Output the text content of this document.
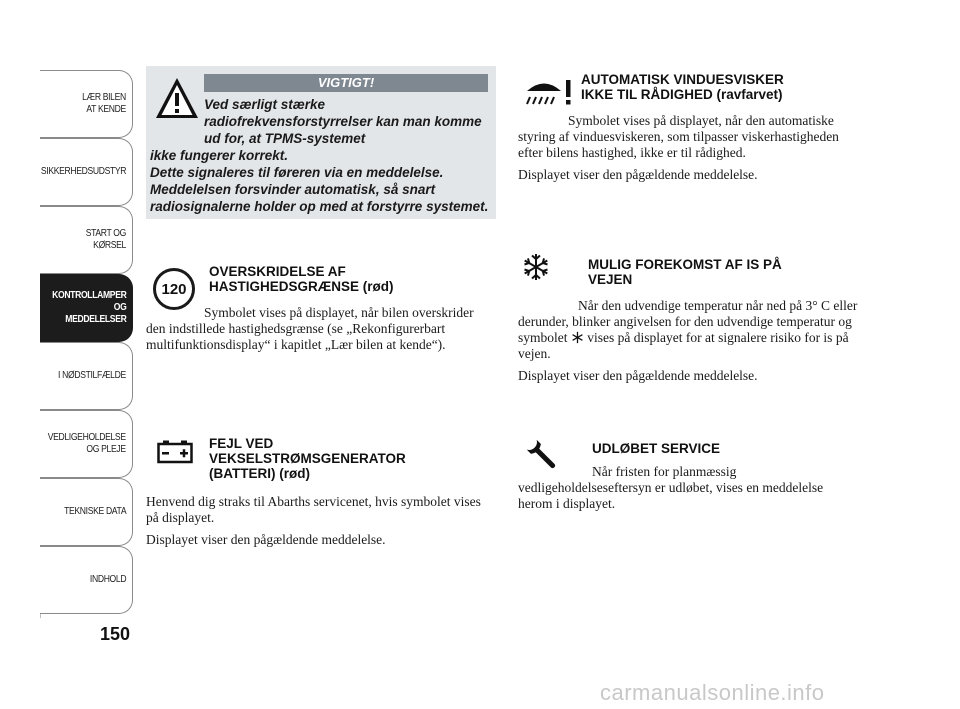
LÆR BILEN
AT KENDE
SIKKERHEDSUDSTYR
START OG KØRSEL
KONTROLLAMPER
OG MEDDELELSER
I NØDSTILFÆLDE
VEDLIGEHOLDELSE
OG PLEJE
TEKNISKE DATA
INDHOLD
150
VIGTIGT!
Ved særligt stærke radiofrekvensforstyrrelser kan man komme ud for, at TPMS-systemet
ikke fungerer korrekt.
Dette signaleres til føreren via en meddelelse. Meddelelsen forsvinder automatisk, så snart radiosignalerne holder op med at forstyrre systemet.
120
OVERSKRIDELSE AF
HASTIGHEDSGRÆNSE (rød)
Symbolet vises på displayet, når bilen overskrider den indstillede hastighedsgrænse (se „Rekonfigurerbart multifunktionsdisplay“ i kapitlet „Lær bilen at kende“).
FEJL VED
VEKSELSTRØMSGENERATOR
(BATTERI) (rød)
Henvend dig straks til Abarths servicenet, hvis symbolet vises på displayet.
Displayet viser den pågældende meddelelse.
AUTOMATISK VINDUESVISKER
IKKE TIL RÅDIGHED (ravfarvet)
Symbolet vises på displayet, når den automatiske styring af vinduesviskeren, som tilpasser viskerhastigheden efter bilens hastighed, ikke er til rådighed.
Displayet viser den pågældende meddelelse.
MULIG FOREKOMST AF IS PÅ
VEJEN
Når den udvendige temperatur når ned på 3° C eller derunder, blinker angivelsen for den udvendige temperatur og symbolet vises på displayet for at signalere risiko for is på vejen.
Displayet viser den pågældende meddelelse.
UDLØBET SERVICE
Når fristen for planmæssig vedligeholdelseseftersyn er udløbet, vises en meddelelse herom i displayet.
carmanualsonline.info
